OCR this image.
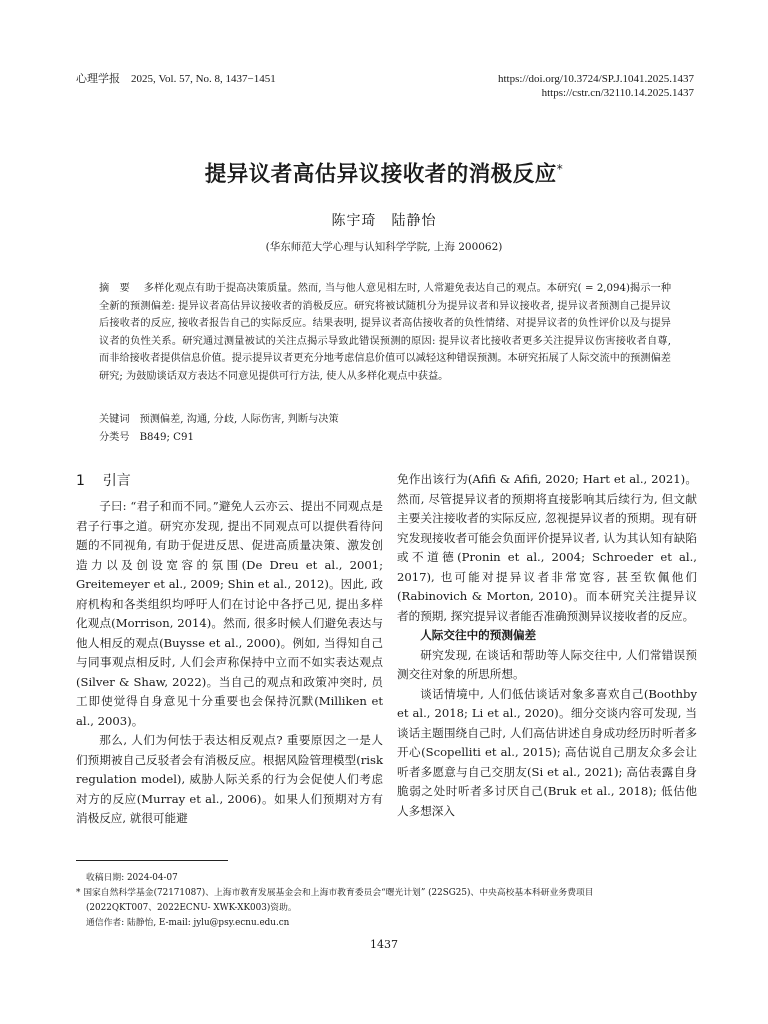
心理学报 2025, Vol. 57, No. 8, 1437−1451	https://doi.org/10.3724/SP.J.1041.2025.1437
https://cstr.cn/32110.14.2025.1437
提异议者高估异议接收者的消极反应*
陈宇琦　陆静怡
(华东师范大学心理与认知科学学院, 上海 200062)
摘　要 多样化观点有助于提高决策质量。然而, 当与他人意见相左时, 人常避免表达自己的观点。本研究( = 2,094)揭示一种全新的预测偏差: 提异议者高估异议接收者的消极反应。研究将被试随机分为提异议者和异议接收者, 提异议者预测自己提异议后接收者的反应, 接收者报告自己的实际反应。结果表明, 提异议者高估接收者的负性情绪、对提异议者的负性评价以及与提异议者的负性关系。研究通过测量被试的关注点揭示导致此错误预测的原因: 提异议者比接收者更多关注提异议伤害接收者自尊, 而非给接收者提供信息价值。提示提异议者更充分地考虑信息价值可以减轻这种错误预测。本研究拓展了人际交流中的预测偏差研究; 为鼓励谈话双方表达不同意见提供可行方法, 使人从多样化观点中获益。
关键词 预测偏差, 沟通, 分歧, 人际伤害, 判断与决策
分类号 B849; C91
1 引言

子曰: “君子和而不同。”避免人云亦云、提出不同观点是君子行事之道。研究亦发现, 提出不同观点可以提供看待问题的不同视角, 有助于促进反思、促进高质量决策、激发创造力以及创设宽容的氛围(De Dreu et al., 2001; Greitemeyer et al., 2009; Shin et al., 2012)。因此, 政府机构和各类组织均呼吁人们在讨论中各抒己见, 提出多样化观点(Morrison, 2014)。然而, 很多时候人们避免表达与他人相反的观点(Buysse et al., 2000)。例如, 当得知自己与同事观点相反时, 人们会声称保持中立而不如实表达观点(Silver & Shaw, 2022)。当自己的观点和政策冲突时, 员工即使觉得自身意见十分重要也会保持沉默(Milliken et al., 2003)。

那么, 人们为何怯于表达相反观点? 重要原因之一是人们预期被自己反驳者会有消极反应。根据风险管理模型(risk regulation model), 威胁人际关系的行为会促使人们考虑对方的反应(Murray et al., 2006)。如果人们预期对方有消极反应, 就很可能避

免作出该行为(Afifi & Afifi, 2020; Hart et al., 2021)。然而, 尽管提异议者的预期将直接影响其后续行为, 但文献主要关注接收者的实际反应, 忽视提异议者的预期。现有研究发现接收者可能会负面评价提异议者, 认为其认知有缺陷或不道德(Pronin et al., 2004; Schroeder et al., 2017), 也可能对提异议者非常宽容, 甚至钦佩他们(Rabinovich & Morton, 2010)。而本研究关注提异议者的预期, 探究提异议者能否准确预测异议接收者的反应。

人际交往中的预测偏差

研究发现, 在谈话和帮助等人际交往中, 人们常错误预测交往对象的所思所想。

谈话情境中, 人们低估谈话对象多喜欢自己(Boothby et al., 2018; Li et al., 2020)。细分交谈内容可发现, 当谈话主题围绕自己时, 人们高估讲述自身成功经历时听者多开心(Scopelliti et al., 2015); 高估说自己朋友众多会让听者多愿意与自己交朋友(Si et al., 2021); 高估表露自身脆弱之处时听者多讨厌自己(Bruk et al., 2018); 低估他人多想深入

收稿日期: 2024-04-07
* 国家自然科学基金(72171087)、上海市教育发展基金会和上海市教育委员会“曙光计划” (22SG25)、中央高校基本科研业务费项目
(2022QKT007、2022ECNU- XWK-XK003)资助。
通信作者: 陆静怡, E-mail: jylu@psy.ecnu.edu.cn
1437
